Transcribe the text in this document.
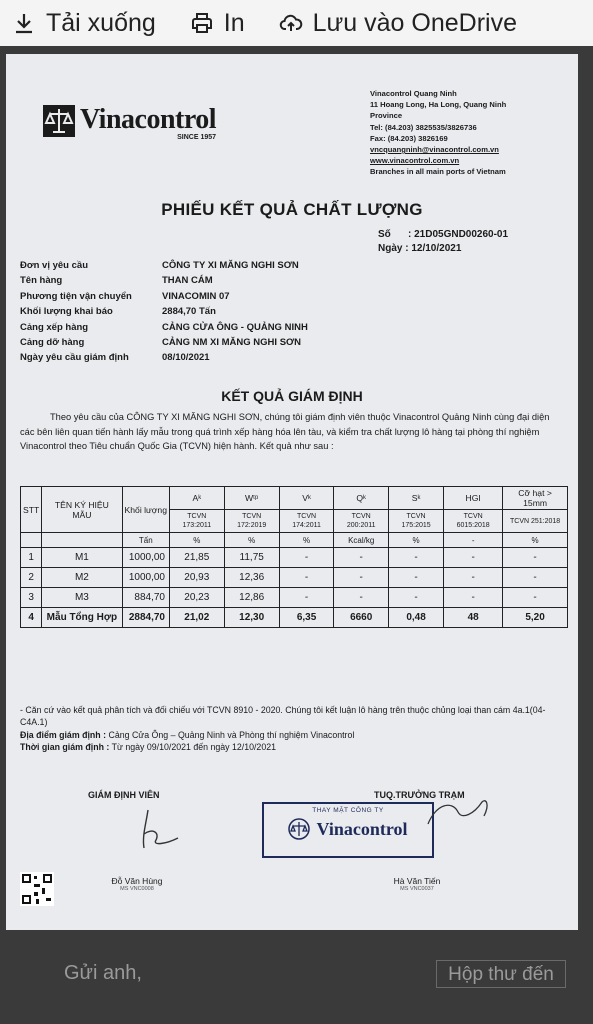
Tải xuống	In	Lưu vào OneDrive
Vinacontrol
SINCE 1957
Vinacontrol Quang Ninh
11 Hoang Long, Ha Long, Quang Ninh
Province
Tel: (84.203) 3825535/3826736
Fax: (84.203) 3826169
vncquangninh@vinacontrol.com.vn
www.vinacontrol.com.vn
Branches in all main ports of Vietnam
PHIẾU KẾT QUẢ CHẤT LƯỢNG
Số : 21D05GND00260-01
Ngày : 12/10/2021
Đơn vị yêu cầu	CÔNG TY XI MĂNG NGHI SƠN
Tên hàng	THAN CÁM
Phương tiện vận chuyển	VINACOMIN 07
Khối lượng khai báo	2884,70 Tấn
Cảng xếp hàng	CẢNG CỬA ÔNG - QUẢNG NINH
Cảng dỡ hàng	CẢNG NM XI MĂNG NGHI SƠN
Ngày yêu cầu giám định	08/10/2021
KẾT QUẢ GIÁM ĐỊNH
Theo yêu cầu của CÔNG TY XI MĂNG NGHI SƠN, chúng tôi giám định viên thuộc Vinacontrol Quảng Ninh cùng đại diện các bên liên quan tiến hành lấy mẫu trong quá trình xếp hàng hóa lên tàu, và kiểm tra chất lượng lô hàng tại phòng thí nghiệm Vinacontrol theo Tiêu chuẩn Quốc Gia (TCVN) hiện hành. Kết quả như sau :
STT	TÊN KÝ HIỆU MẪU	Khối lượng	Aᵏ	Wᵗᵖ	Vᵏ	Qᵏ	Sᵏ	HGI	Cỡ hạt > 15mm
			TCVN 173:2011	TCVN 172:2019	TCVN 174:2011	TCVN 200:2011	TCVN 175:2015	TCVN 6015:2018	TCVN 251:2018
		Tấn	%	%	%	Kcal/kg	%	-	%
1	M1	1000,00	21,85	11,75	-	-	-	-	-
2	M2	1000,00	20,93	12,36	-	-	-	-	-
3	M3	884,70	20,23	12,86	-	-	-	-	-
4	Mẫu Tổng Hợp	2884,70	21,02	12,30	6,35	6660	0,48	48	5,20

- Căn cứ vào kết quả phân tích và đối chiếu với TCVN 8910 - 2020. Chúng tôi kết luận lô hàng trên thuộc chủng loại than cám 4a.1(04-C4A.1)

Địa điểm giám định : Cảng Cửa Ông – Quảng Ninh và Phòng thí nghiệm Vinacontrol

Thời gian giám định : Từ ngày 09/10/2021 đến ngày 12/10/2021

GIÁM ĐỊNH VIÊN	TUQ.TRƯỞNG TRẠM
THAY MẶT CÔNG TY
Vinacontrol
Đỗ Văn Hùng
MS VNC0008
Hà Văn Tiến
MS VNC0037
Gửi anh,	Hộp thư đến
